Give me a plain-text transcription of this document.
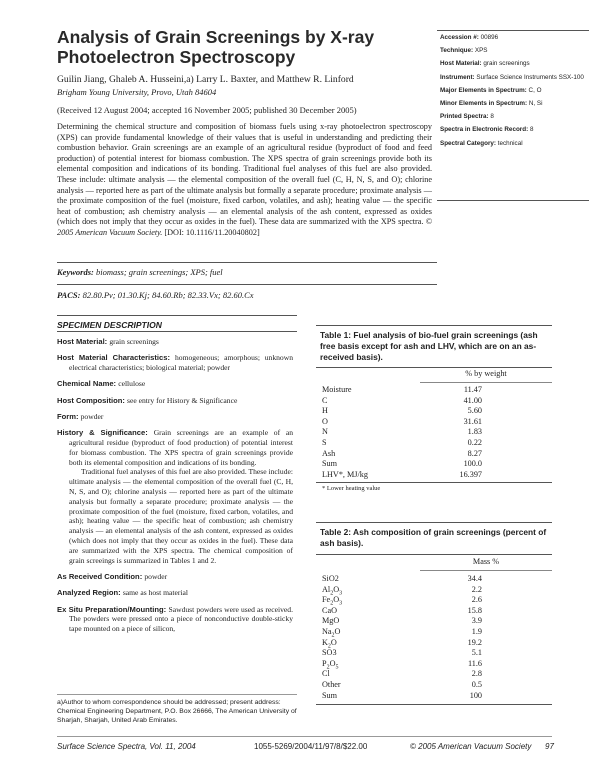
Analysis of Grain Screenings by X-ray Photoelectron Spectroscopy
Guilin Jiang, Ghaleb A. Husseini,a) Larry L. Baxter, and Matthew R. Linford
Brigham Young University, Provo, Utah 84604
(Received 12 August 2004; accepted 16 November 2005; published 30 December 2005)
Determining the chemical structure and composition of biomass fuels using x-ray photoelectron spectroscopy (XPS) can provide fundamental knowledge of their values that is useful in understanding and predicting their combustion behavior. Grain screenings are an example of an agricultural residue (byproduct of food and feed production) of potential interest for biomass combustion. The XPS spectra of grain screenings provide both its elemental composition and indications of its bonding. Traditional fuel analyses of this fuel are also provided. These include: ultimate analysis — the elemental composition of the overall fuel (C, H, N, S, and O); chlorine analysis — reported here as part of the ultimate analysis but formally a separate procedure; proximate analysis — the proximate composition of the fuel (moisture, fixed carbon, volatiles, and ash); heating value — the specific heat of combustion; ash chemistry analysis — an elemental analysis of the ash content, expressed as oxides (which does not imply that they occur as oxides in the fuel). These data are summarized with the XPS spectra. © 2005 American Vacuum Society. [DOI: 10.1116/11.20040802]
Keywords: biomass; grain screenings; XPS; fuel
PACS: 82.80.Pv; 01.30.Kj; 84.60.Rb; 82.33.Vx; 82.60.Cx
Accession #: 00896
Technique: XPS
Host Material: grain screenings
Instrument: Surface Science Instruments SSX-100
Major Elements in Spectrum: C, O
Minor Elements in Spectrum: N, Si
Printed Spectra: 8
Spectra in Electronic Record: 8
Spectral Category: technical
SPECIMEN DESCRIPTION
Host Material: grain screenings
Host Material Characteristics: homogeneous; amorphous; unknown electrical characteristics; biological material; powder
Chemical Name: cellulose
Host Composition: see entry for History & Significance
Form: powder
History & Significance: Grain screenings are an example of an agricultural residue (byproduct of food production) of potential interest for biomass combustion. The XPS spectra of grain screenings provide both its elemental composition and indications of its bonding.
Traditional fuel analyses of this fuel are also provided. These include: ultimate analysis — the elemental composition of the overall fuel (C, H, N, S, and O); chlorine analysis — reported here as part of the ultimate analysis but formally a separate procedure; proximate analysis — the proximate composition of the fuel (moisture, fixed carbon, volatiles, and ash); heating value — the specific heat of combustion; ash chemistry analysis — an elemental analysis of the ash content, expressed as oxides (which does not imply that they occur as oxides in the fuel). These data are summarized with the XPS spectra. The chemical composition of grain screeings is summarized in Tables 1 and 2.
As Received Condition: powder
Analyzed Region: same as host material
Ex Situ Preparation/Mounting: Sawdust powders were used as received. The powders were pressed onto a piece of nonconductive double-sticky tape mounted on a piece of silicon,
a)Author to whom correspondence should be addressed; present address: Chemical Engineering Department, P.O. Box 26666, The American University of Sharjah, Sharjah, United Arab Emirates.
Table 1: Fuel analysis of bio-fuel grain screenings (ash free basis except for ash and LHV, which are on an as-received basis).
% by weight
Moisture	11.47
C	41.00
H	5.60
O	31.61
N	1.83
S	0.22
Ash	8.27
Sum	100.0
LHV*, MJ/kg	16.397
* Lower heating value
Table 2: Ash composition of grain screenings (percent of ash basis).
Mass %
SiO2	34.4
$Al_2O_3$	2.2
$Fe_2O_3$	2.6
CaO	15.8
MgO	3.9
$Na_2O$	1.9
$K_2O$	19.2
SO3	5.1
$P_2O_5$	11.6
Cl	2.8
Other	0.5
Sum	100
Surface Science Spectra, Vol. 11, 2004	1055-5269/2004/11/97/8/$22.00	© 2005 American Vacuum Society 97
